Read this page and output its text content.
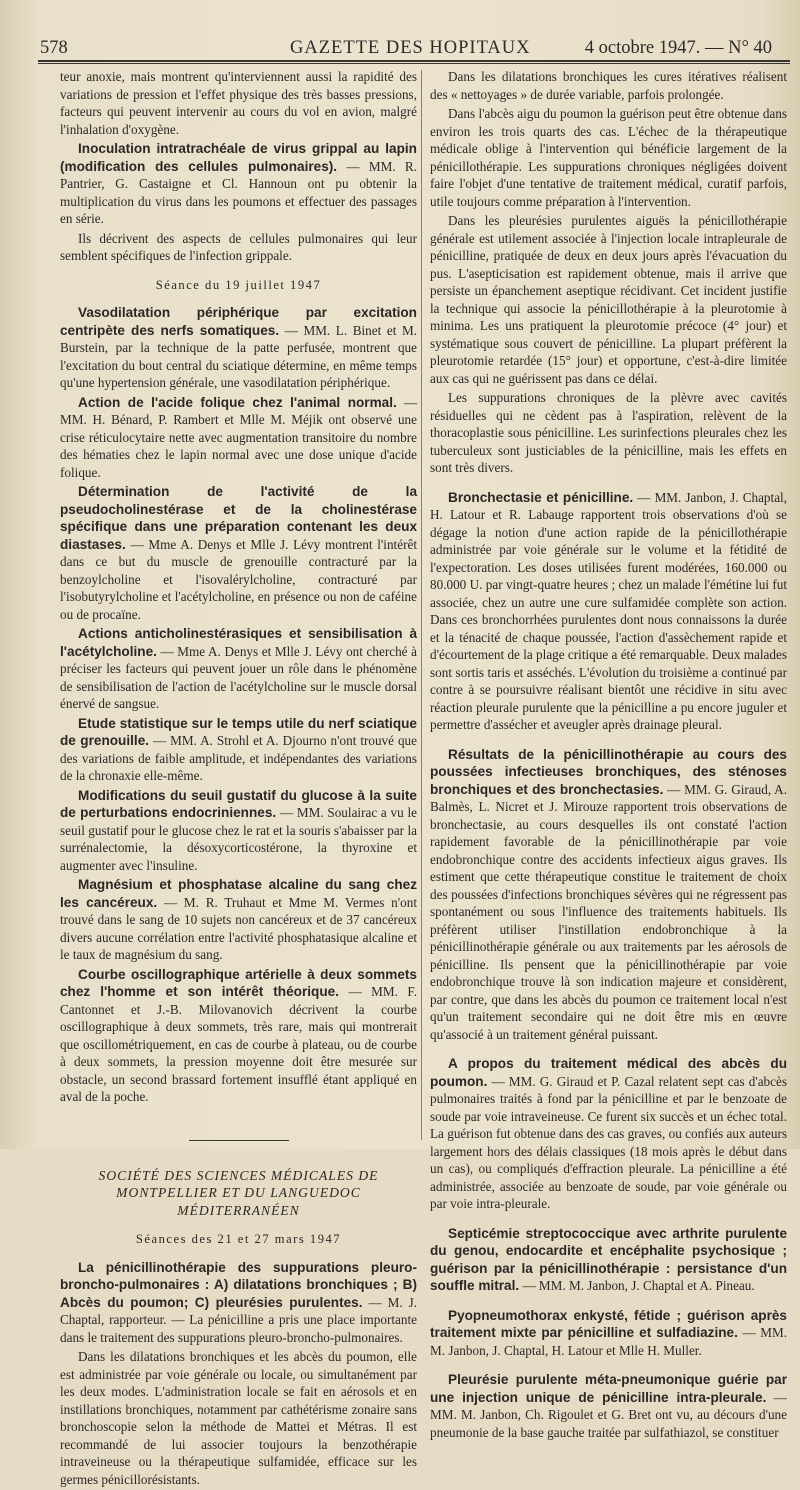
578	GAZETTE DES HOPITAUX	4 octobre 1947. — N° 40

teur anoxie, mais montrent qu'interviennent aussi la rapidité des variations de pression et l'effet physique des très basses pressions, facteurs qui peuvent intervenir au cours du vol en avion, malgré l'inhalation d'oxygène.

Inoculation intratrachéale de virus grippal au lapin (modification des cellules pulmonaires). — MM. R. Pantrier, G. Castaigne et Cl. Hannoun ont pu obtenir la multiplication du virus dans les poumons et effectuer des passages en série.

Ils décrivent des aspects de cellules pulmonaires qui leur semblent spécifiques de l'infection grippale.

Séance du 19 juillet 1947

Vasodilatation périphérique par excitation centripète des nerfs somatiques. — MM. L. Binet et M. Burstein, par la technique de la patte perfusée, montrent que l'excitation du bout central du sciatique détermine, en même temps qu'une hypertension générale, une vasodilatation périphérique.

Action de l'acide folique chez l'animal normal. — MM. H. Bénard, P. Rambert et Mlle M. Méjik ont observé une crise réticulocytaire nette avec augmentation transitoire du nombre des hématies chez le lapin normal avec une dose unique d'acide folique.

Détermination de l'activité de la pseudocholinestérase et de la cholinestérase spécifique dans une préparation contenant les deux diastases. — Mme A. Denys et Mlle J. Lévy montrent l'intérêt dans ce but du muscle de grenouille contracturé par la benzoylcholine et l'isovalérylcholine, contracturé par l'isobutyrylcholine et l'acétylcholine, en présence ou non de caféine ou de procaïne.

Actions anticholinestérasiques et sensibilisation à l'acétylcholine. — Mme A. Denys et Mlle J. Lévy ont cherché à préciser les facteurs qui peuvent jouer un rôle dans le phénomène de sensibilisation de l'action de l'acétylcholine sur le muscle dorsal énervé de sangsue.

Etude statistique sur le temps utile du nerf sciatique de grenouille. — MM. A. Strohl et A. Djourno n'ont trouvé que des variations de faible amplitude, et indépendantes des variations de la chronaxie elle-même.

Modifications du seuil gustatif du glucose à la suite de perturbations endocriniennes. — MM. Soulairac a vu le seuil gustatif pour le glucose chez le rat et la souris s'abaisser par la surrénalectomie, la désoxycorticostérone, la thyroxine et augmenter avec l'insuline.

Magnésium et phosphatase alcaline du sang chez les cancéreux. — M. R. Truhaut et Mme M. Vermes n'ont trouvé dans le sang de 10 sujets non cancéreux et de 37 cancéreux divers aucune corrélation entre l'activité phosphatasique alcaline et le taux de magnésium du sang.

Courbe oscillographique artérielle à deux sommets chez l'homme et son intérêt théorique. — MM. F. Cantonnet et J.-B. Milovanovich décrivent la courbe oscillographique à deux sommets, très rare, mais qui montrerait que oscillométriquement, en cas de courbe à plateau, ou de courbe à deux sommets, la pression moyenne doit être mesurée sur obstacle, un second brassard fortement insufflé étant appliqué en aval de la poche.

SOCIÉTÉ DES SCIENCES MÉDICALES DE MONTPELLIER ET DU LANGUEDOC MÉDITERRANÉEN

Séances des 21 et 27 mars 1947

La pénicillinothérapie des suppurations pleuro-broncho-pulmonaires : A) dilatations bronchiques ; B) Abcès du poumon; C) pleurésies purulentes. — M. J. Chaptal, rapporteur. — La pénicilline a pris une place importante dans le traitement des suppurations pleuro-broncho-pulmonaires.

Dans les dilatations bronchiques et les abcès du poumon, elle est administrée par voie générale ou locale, ou simultanément par les deux modes. L'administration locale se fait en aérosols et en instillations bronchiques, notamment par cathétérisme zonaire sans bronchoscopie selon la méthode de Mattei et Métras. Il est recommandé de lui associer toujours la benzothérapie intraveineuse ou la thérapeutique sulfamidée, efficace sur les germes pénicillorésistants.

Dans les dilatations bronchiques les cures itératives réalisent des « nettoyages » de durée variable, parfois prolongée.

Dans l'abcès aigu du poumon la guérison peut être obtenue dans environ les trois quarts des cas. L'échec de la thérapeutique médicale oblige à l'intervention qui bénéficie largement de la pénicillothérapie. Les suppurations chroniques négligées doivent faire l'objet d'une tentative de traitement médical, curatif parfois, utile toujours comme préparation à l'intervention.

Dans les pleurésies purulentes aiguës la pénicillothérapie générale est utilement associée à l'injection locale intrapleurale de pénicilline, pratiquée de deux en deux jours après l'évacuation du pus. L'asepticisation est rapidement obtenue, mais il arrive que persiste un épanchement aseptique récidivant. Cet incident justifie la technique qui associe la pénicillothérapie à la pleurotomie à minima. Les uns pratiquent la pleurotomie précoce (4° jour) et systématique sous couvert de pénicilline. La plupart préfèrent la pleurotomie retardée (15° jour) et opportune, c'est-à-dire limitée aux cas qui ne guérissent pas dans ce délai.

Les suppurations chroniques de la plèvre avec cavités résiduelles qui ne cèdent pas à l'aspiration, relèvent de la thoracoplastie sous pénicilline. Les surinfections pleurales chez les tuberculeux sont justiciables de la pénicilline, mais les effets en sont très divers.

Bronchectasie et pénicilline. — MM. Janbon, J. Chaptal, H. Latour et R. Labauge rapportent trois observations d'où se dégage la notion d'une action rapide de la pénicillothérapie administrée par voie générale sur le volume et la fétidité de l'expectoration. Les doses utilisées furent modérées, 160.000 ou 80.000 U. par vingt-quatre heures ; chez un malade l'émétine lui fut associée, chez un autre une cure sulfamidée complète son action. Dans ces bronchorrhées purulentes dont nous connaissons la durée et la ténacité de chaque poussée, l'action d'assèchement rapide et d'écourtement de la plage critique a été remarquable. Deux malades sont sortis taris et asséchés. L'évolution du troisième a continué par contre à se poursuivre réalisant bientôt une récidive in situ avec réaction pleurale purulente que la pénicilline a pu encore juguler et permettre d'assécher et aveugler après drainage pleural.

Résultats de la pénicillinothérapie au cours des poussées infectieuses bronchiques, des sténoses bronchiques et des bronchectasies. — MM. G. Giraud, A. Balmès, L. Nicret et J. Mirouze rapportent trois observations de bronchectasie, au cours desquelles ils ont constaté l'action rapidement favorable de la pénicillinothérapie par voie endobronchique contre des accidents infectieux aigus graves. Ils estiment que cette thérapeutique constitue le traitement de choix des poussées d'infections bronchiques sévères qui ne régressent pas spontanément ou sous l'influence des traitements habituels. Ils préfèrent utiliser l'instillation endobronchique à la pénicillinothérapie générale ou aux traitements par les aérosols de pénicilline. Ils pensent que la pénicillinothérapie par voie endobronchique trouve là son indication majeure et considèrent, par contre, que dans les abcès du poumon ce traitement local n'est qu'un traitement secondaire qui ne doit être mis en œuvre qu'associé à un traitement général puissant.

A propos du traitement médical des abcès du poumon. — MM. G. Giraud et P. Cazal relatent sept cas d'abcès pulmonaires traités à fond par la pénicilline et par le benzoate de soude par voie intraveineuse. Ce furent six succès et un échec total. La guérison fut obtenue dans des cas graves, ou confiés aux auteurs largement hors des délais classiques (18 mois après le début dans un cas), ou compliqués d'effraction pleurale. La pénicilline a été administrée, associée au benzoate de soude, par voie générale ou par voie intra-pleurale.

Septicémie streptococcique avec arthrite purulente du genou, endocardite et encéphalite psychosique ; guérison par la pénicillinothérapie : persistance d'un souffle mitral. — MM. M. Janbon, J. Chaptal et A. Pineau.

Pyopneumothorax enkysté, fétide ; guérison après traitement mixte par pénicilline et sulfadiazine. — MM. M. Janbon, J. Chaptal, H. Latour et Mlle H. Muller.

Pleurésie purulente méta-pneumonique guérie par une injection unique de pénicilline intra-pleurale. — MM. M. Janbon, Ch. Rigoulet et G. Bret ont vu, au décours d'une pneumonie de la base gauche traitée par sulfathiazol, se constituer
